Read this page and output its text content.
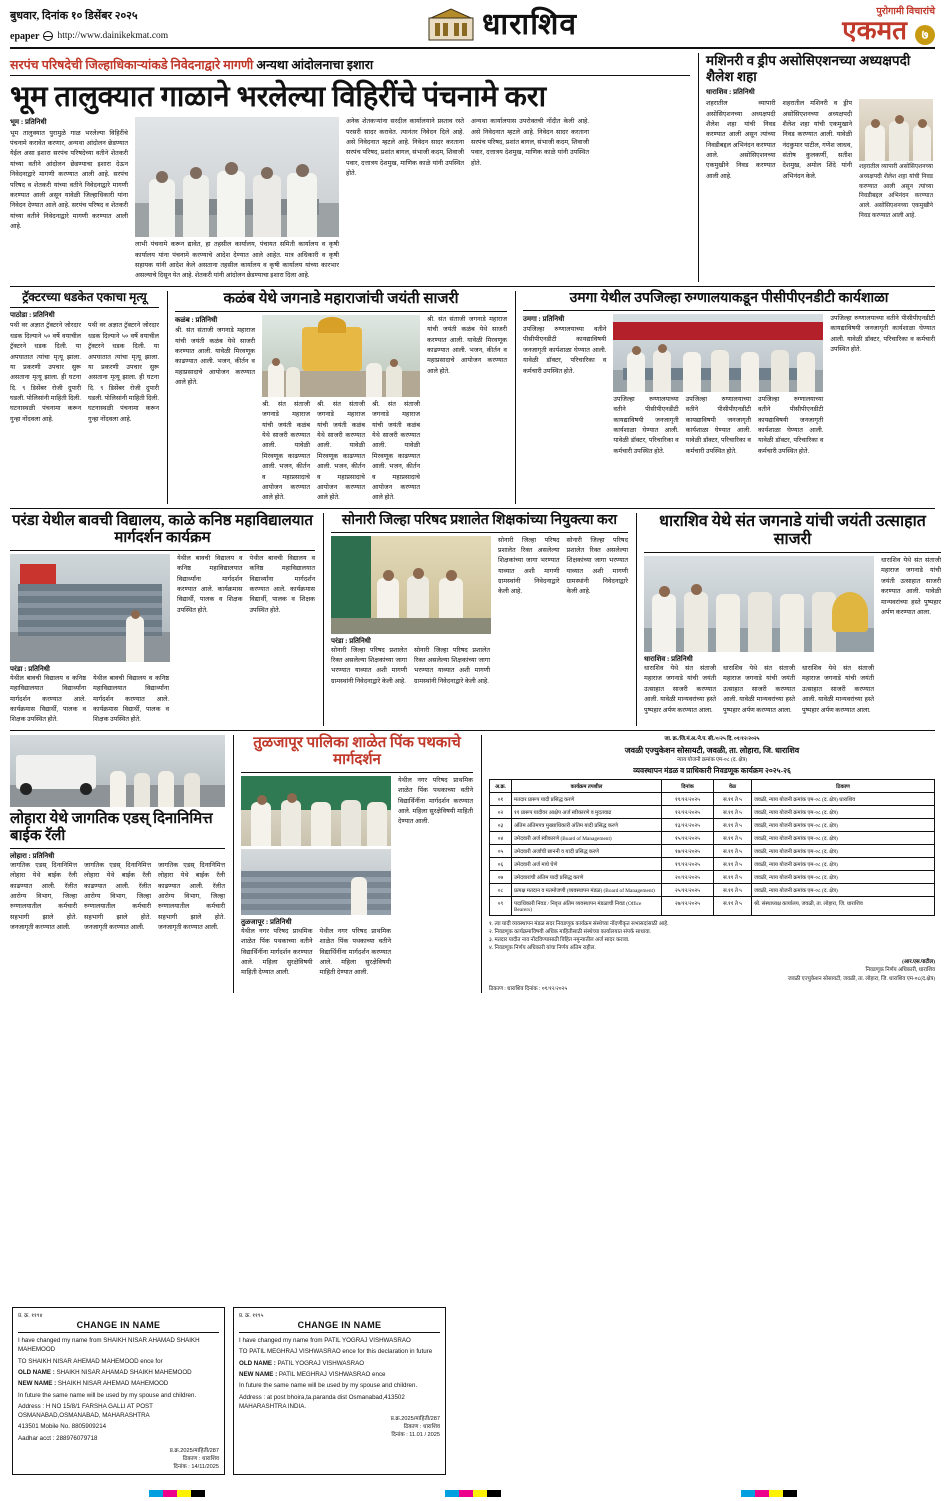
बुधवार, दिनांक १० डिसेंबर २०२५
epaper http://www.dainikekmat.com	धाराशिव	पुरोगामी विचारांचे
एकमत ७
सरपंच परिषदेची जिल्हाधिकाऱ्यांकडे निवेदनाद्वारे मागणी अन्यथा आंदोलनाचा इशारा
भूम तालुक्यात गाळाने भरलेल्या विहिरींचे पंचनामे करा
भूम : प्रतिनिधी
भूम तालुक्यात पुरामुळे गाळ भरलेल्या विहिरींचे पंचनामे करावेत करणार, अन्यथा आंदोलन छेडण्यात येईल असा इशारा सरपंच परिषदेच्या वतीने शेतकरी यांच्या वतीने आंदोलन छेडण्याचा इशारा देऊन निवेदनाद्वारे मागणी करण्यात आली आहे. सरपंच परिषद व शेतकरी यांच्या वतीने निवेदनाद्वारे मागणी करण्यात आली असून यावेळी जिल्हाधिकारी यांना निवेदन देण्यात आले आहे. सरपंच परिषद व शेतकरी यांच्या वतीने निवेदनाद्वारे मागणी करण्यात आली आहे.
लाभी पंचनामे करून द्यावेत, हा तहसील कार्यालय, पंचायत समिती कार्यालय व कृषी कार्यालय यांना पंचनामे करण्याचे आदेश देण्यात आले आहेत. मात्र अधिकारी व कृषी सहायक यांनी आदेश केले असताना तहसील कार्यालय व कृषी कार्यालय यांच्या कारभार असल्याचे दिसून येत आहे. शेतकरी यांनी आंदोलन छेडण्याचा इशारा दिला आहे.
अनेक शेतकऱ्यांना सरदील कार्यालयाने प्रस्ताव रस्ते परसरी सादर करावेत. त्यानंतर निवेदन दिले आहे. असे निवेदनात म्हटले आहे. निवेदन सादर करताना सरपंच परिषद, प्रशांत बागल, संभाजी कदम, शिवाजी पवार, दत्तात्रय देशमुख, माणिक काळे यांनी उपस्थित होते.
अन्यथा कार्यालयास उपरोक्तची नोंदीत केली आहे. असे निवेदनात म्हटले आहे. निवेदन सादर करताना सरपंच परिषद, प्रशांत बागल, संभाजी कदम, शिवाजी पवार, दत्तात्रय देशमुख, माणिक काळे यांनी उपस्थित होते.
मशिनरी व ड्रीप असोसिएशनच्या अध्यक्षपदी शैलेश शहा
धाराशिव : प्रतिनिधी
शहरातील व्यापारी असोसिएशनच्या अध्यक्षपदी शैलेश शहा यांची निवड करण्यात आली असून त्यांच्या निवडीबद्दल अभिनंदन करण्यात आले. असोसिएशनच्या एकमुखीने निवड करण्यात आली आहे.
शहरातील मशिनरी व ड्रीप असोसिएशनच्या अध्यक्षपदी शैलेश शहा यांची एकमुखाने निवड करण्यात आली. यावेळी नंदकुमार पाटील, गणेश जाधव, संतोष कुलकर्णी, सतीश देशमुख, अमोल शिंदे यांनी अभिनंदन केले.
शहरातील व्यापारी असोसिएशनच्या अध्यक्षपदी शैलेश शहा यांची निवड करण्यात आली असून त्यांच्या निवडीबद्दल अभिनंदन करण्यात आले. असोसिएशनच्या एकमुखीने निवड करण्यात आली आहे.
ट्रॅक्टरच्या धडकेत एकाचा मृत्यू
पाठोडा : प्रतिनिधी
पथी वर अज्ञात ट्रॅक्टरने जोरदार धडक दिल्याने ५० वर्षे वयाचील ट्रॅक्टरने धडक दिली. या अपघातात त्यांचा मृत्यू झाला. या प्रकरणी उपचार सुरू असताना मृत्यू झाला. ही घटना दि. ९ डिसेंबर रोजी दुपारी घडली. पोलिसांनी माहिती दिली. घटनास्थळी पंचनामा करून गुन्हा नोंदवला आहे.
पथी वर अज्ञात ट्रॅक्टरने जोरदार धडक दिल्याने ५० वर्षे वयाचील ट्रॅक्टरने धडक दिली. या अपघातात त्यांचा मृत्यू झाला. या प्रकरणी उपचार सुरू असताना मृत्यू झाला. ही घटना दि. ९ डिसेंबर रोजी दुपारी घडली. पोलिसांनी माहिती दिली. घटनास्थळी पंचनामा करून गुन्हा नोंदवला आहे.
कळंब येथे जगनाडे महाराजांची जयंती साजरी
कळंब : प्रतिनिधी
श्री. संत संताजी जगनाडे महाराज यांची जयंती कळंब येथे साजरी करण्यात आली. यावेळी मिरवणूक काढण्यात आली. भजन, कीर्तन व महाप्रसादाचे आयोजन करण्यात आले होते.
श्री. संत संताजी जगनाडे महाराज यांची जयंती कळंब येथे साजरी करण्यात आली. यावेळी मिरवणूक काढण्यात आली. भजन, कीर्तन व महाप्रसादाचे आयोजन करण्यात आले होते.
श्री. संत संताजी जगनाडे महाराज यांची जयंती कळंब येथे साजरी करण्यात आली. यावेळी मिरवणूक काढण्यात आली. भजन, कीर्तन व महाप्रसादाचे आयोजन करण्यात आले होते.
श्री. संत संताजी जगनाडे महाराज यांची जयंती कळंब येथे साजरी करण्यात आली. यावेळी मिरवणूक काढण्यात आली. भजन, कीर्तन व महाप्रसादाचे आयोजन करण्यात आले होते.
श्री. संत संताजी जगनाडे महाराज यांची जयंती कळंब येथे साजरी करण्यात आली. यावेळी मिरवणूक काढण्यात आली. भजन, कीर्तन व महाप्रसादाचे आयोजन करण्यात आले होते.
उमगा येथील उपजिल्हा रुग्णालयाकडून पीसीपीएनडीटी कार्यशाळा
उमगा : प्रतिनिधी
उपजिल्हा रुग्णालयाच्या वतीने पीसीपीएनडीटी कायद्याविषयी जनजागृती कार्यशाळा घेण्यात आली. यावेळी डॉक्टर, परिचारिका व कर्मचारी उपस्थित होते.
उपजिल्हा रुग्णालयाच्या वतीने पीसीपीएनडीटी कायद्याविषयी जनजागृती कार्यशाळा घेण्यात आली. यावेळी डॉक्टर, परिचारिका व कर्मचारी उपस्थित होते.
उपजिल्हा रुग्णालयाच्या वतीने पीसीपीएनडीटी कायद्याविषयी जनजागृती कार्यशाळा घेण्यात आली. यावेळी डॉक्टर, परिचारिका व कर्मचारी उपस्थित होते.
उपजिल्हा रुग्णालयाच्या वतीने पीसीपीएनडीटी कायद्याविषयी जनजागृती कार्यशाळा घेण्यात आली. यावेळी डॉक्टर, परिचारिका व कर्मचारी उपस्थित होते.
उपजिल्हा रुग्णालयाच्या वतीने पीसीपीएनडीटी कायद्याविषयी जनजागृती कार्यशाळा घेण्यात आली. यावेळी डॉक्टर, परिचारिका व कर्मचारी उपस्थित होते.
परंडा येथील बावची विद्यालय, काळे कनिष्ठ महाविद्यालयात मार्गदर्शन कार्यक्रम
परंडा : प्रतिनिधी
येथील बावची विद्यालय व कनिष्ठ महाविद्यालयात विद्यार्थ्यांना मार्गदर्शन करण्यात आले. कार्यक्रमास विद्यार्थी, पालक व शिक्षक उपस्थित होते.
येथील बावची विद्यालय व कनिष्ठ महाविद्यालयात विद्यार्थ्यांना मार्गदर्शन करण्यात आले. कार्यक्रमास विद्यार्थी, पालक व शिक्षक उपस्थित होते.
येथील बावची विद्यालय व कनिष्ठ महाविद्यालयात विद्यार्थ्यांना मार्गदर्शन करण्यात आले. कार्यक्रमास विद्यार्थी, पालक व शिक्षक उपस्थित होते.
येथील बावची विद्यालय व कनिष्ठ महाविद्यालयात विद्यार्थ्यांना मार्गदर्शन करण्यात आले. कार्यक्रमास विद्यार्थी, पालक व शिक्षक उपस्थित होते.
सोनारी जिल्हा परिषद प्रशालेत शिक्षकांच्या नियुक्त्या करा
परंडा : प्रतिनिधी
सोनारी जिल्हा परिषद प्रशालेत रिक्त असलेल्या शिक्षकांच्या जागा भरण्यात याव्यात अशी मागणी ग्रामस्थांनी निवेदनाद्वारे केली आहे.
सोनारी जिल्हा परिषद प्रशालेत रिक्त असलेल्या शिक्षकांच्या जागा भरण्यात याव्यात अशी मागणी ग्रामस्थांनी निवेदनाद्वारे केली आहे.
सोनारी जिल्हा परिषद प्रशालेत रिक्त असलेल्या शिक्षकांच्या जागा भरण्यात याव्यात अशी मागणी ग्रामस्थांनी निवेदनाद्वारे केली आहे.
सोनारी जिल्हा परिषद प्रशालेत रिक्त असलेल्या शिक्षकांच्या जागा भरण्यात याव्यात अशी मागणी ग्रामस्थांनी निवेदनाद्वारे केली आहे.
धाराशिव येथे संत जगनाडे यांची जयंती उत्साहात साजरी
धाराशिव : प्रतिनिधी
धाराशिव येथे संत संताजी महाराज जगनाडे यांची जयंती उत्साहात साजरी करण्यात आली. यावेळी मान्यवरांच्या हस्ते पुष्पहार अर्पण करण्यात आला.
धाराशिव येथे संत संताजी महाराज जगनाडे यांची जयंती उत्साहात साजरी करण्यात आली. यावेळी मान्यवरांच्या हस्ते पुष्पहार अर्पण करण्यात आला.
धाराशिव येथे संत संताजी महाराज जगनाडे यांची जयंती उत्साहात साजरी करण्यात आली. यावेळी मान्यवरांच्या हस्ते पुष्पहार अर्पण करण्यात आला.
धाराशिव येथे संत संताजी महाराज जगनाडे यांची जयंती उत्साहात साजरी करण्यात आली. यावेळी मान्यवरांच्या हस्ते पुष्पहार अर्पण करण्यात आला.
लोहारा येथे जागतिक एडस् दिनानिमित्त बाईक रॅली
लोहारा : प्रतिनिधी
जागतिक एडस् दिनानिमित्त लोहारा येथे बाईक रॅली काढण्यात आली. रॅलीत आरोग्य विभाग, जिल्हा रुग्णालयातील कर्मचारी सहभागी झाले होते. जनजागृती करण्यात आली.
जागतिक एडस् दिनानिमित्त लोहारा येथे बाईक रॅली काढण्यात आली. रॅलीत आरोग्य विभाग, जिल्हा रुग्णालयातील कर्मचारी सहभागी झाले होते. जनजागृती करण्यात आली.
जागतिक एडस् दिनानिमित्त लोहारा येथे बाईक रॅली काढण्यात आली. रॅलीत आरोग्य विभाग, जिल्हा रुग्णालयातील कर्मचारी सहभागी झाले होते. जनजागृती करण्यात आली.
तुळजापूर पालिका शाळेत पिंक पथकाचे मार्गदर्शन
तुळजापूर : प्रतिनिधी
येथील नगर परिषद प्राथमिक शाळेत पिंक पथकाच्या वतीने विद्यार्थिनींना मार्गदर्शन करण्यात आले. महिला सुरक्षेविषयी माहिती देण्यात आली.
येथील नगर परिषद प्राथमिक शाळेत पिंक पथकाच्या वतीने विद्यार्थिनींना मार्गदर्शन करण्यात आले. महिला सुरक्षेविषयी माहिती देण्यात आली.
येथील नगर परिषद प्राथमिक शाळेत पिंक पथकाच्या वतीने विद्यार्थिनींना मार्गदर्शन करण्यात आले. महिला सुरक्षेविषयी माहिती देण्यात आली.
जा. क्र./जि.मं.अ./ने.प. सी./०/२५ दि. ०१/१२/२०२५
जवळी एज्युकेशन सोसायटी, जवळी, ता. लोहारा, जि. धाराशिव
न्याय योजनी क्रमांक एम-०८ (द. क्षेत्र)
व्यवस्थापन मंडळ व प्राधिकारी निवडणूक कार्यक्रम २०२५-२६
अ.क्र.	कार्यक्रम तपशील	दिनांक	वेळ	ठिकाण
०१	मतदार प्रारूप यादी प्रसिद्ध करणे	११/१२/२०२५	स.११ ते ५	जवळी, न्याय योजनी क्रमांक एम-०८ (द. क्षेत्र) धाराशिव
०२	११ प्रारूप यादीवर आक्षेप अर्ज स्वीकारणे व मुदतवाढ	१२/१२/२०२५	स.११ ते ५	जवळी, न्याय योजनी क्रमांक एम-०८ (द. क्षेत्र)
०३	अंतिम अंतिमपत्र मुख्याधिकारी अंतिम यादी प्रसिद्ध करणे	१३/१२/२०२५	स.११ ते ५	जवळी, न्याय योजनी क्रमांक एम-०८ (द. क्षेत्र)
०४	उमेदवारी अर्ज स्वीकारणे (Board of Management)	१५/१२/२०२५	स.११ ते ५	जवळी, न्याय योजनी क्रमांक एम-०८ (द. क्षेत्र)
०५	उमेदवारी अर्जांची छाननी व यादी प्रसिद्ध करणे	१७/१२/२०२५	स.११ ते ५	जवळी, न्याय योजनी क्रमांक एम-०८ (द. क्षेत्र)
०६	उमेदवारी अर्ज माघे घेणे	१९/१२/२०२५	स.११ ते ५	जवळी, न्याय योजनी क्रमांक एम-०८ (द. क्षेत्र)
०७	उमेदवारांची अंतिम यादी प्रसिद्ध करणे	२०/१२/२०२५	स.११ ते ५	जवळी, न्याय योजनी क्रमांक एम-०८ (द. क्षेत्र)
०८	प्रत्यक्ष मतदान व मतमोजणी (व्यवस्थापन मंडळ) (Board of Management)	२५/१२/२०२५	स.११ ते ५	जवळी, न्याय योजनी क्रमांक एम-०८ (द. क्षेत्र)
०९	पदाधिकारी निवड / निवृत्त अंतिम व्यवस्थापन मंडळाची निवड (Office Bearers)	२७/१२/२०२५	स.११ ते ५	श्री. संस्थाध्यक्ष कार्यालय, जवळी, ता. लोहारा, जि. धाराशिव
१. त्या यादी व्यवस्थापन मंडळ सदर निवडणूक कार्यक्रम संस्थेच्या नोंदणीकृत सभासदांसाठी आहे.
२. निवडणूक कार्यक्रमाविषयी अधिक माहितीसाठी संस्थेच्या कार्यालयात संपर्क साधावा.
३. मतदार यादीत नाव नोंदविण्यासाठी विहित नमुन्यातील अर्ज सादर करावा.
४. निवडणूक निर्णय अधिकारी यांचा निर्णय अंतिम राहील.
(आर.एस.पाटील)
निवडणूक निर्णय अधिकारी, धाराशिव
जवळी एज्युकेशन सोसायटी, जवळी, ता. लोहारा, जि. धाराशिव एम-०८(द.क्षेत्र)
ठिकाण : धाराशिव दिनांक : ०१/१२/२०२५
प्र. क्र. ११९४
CHANGE IN NAME

I have changed my name from SHAIKH NISAR AHAMAD SHAIKH MAHEMOOD

TO SHAIKH NISAR AHEMAD MAHEMOOD ence for

OLD NAME : SHAIKH NISAR AHAMAD SHAIKH MAHEMOOD

NEW NAME : SHAIKH NISAR AHEMAD MAHEMOOD

In future the same name will be used by my spouse and children.

Address : H NO 15/8/1 FARSHA GALLI AT POST OSMANABAD,OSMANABAD, MAHARASHTRA

413501 Mobile No. 8805909214

Aadhar acct : 288976079718

प्र.क्र.2025/माहिती/287
ठिकाण : धाराशिव
दिनांक : 14/11/2025
प्र. क्र. ११९५
CHANGE IN NAME

I have changed my name from PATIL YOGRAJ VISHWASRAO

TO PATIL MEGHRAJ VISHWASRAO ence for this declaration in future

OLD NAME : PATIL YOGRAJ VISHWASRAO

NEW NAME : PATIL MEGHRAJ VISHWASRAO ence

In future the same name will be used by my spouse and children.

Address : at post bhoira,ta.paranda dist Osmanabad,413502 MAHARASHTRA INDIA.

प्र.क्र.2025/माहिती/287
ठिकाण : धाराशिव
दिनांक : 11.01 / 2025
